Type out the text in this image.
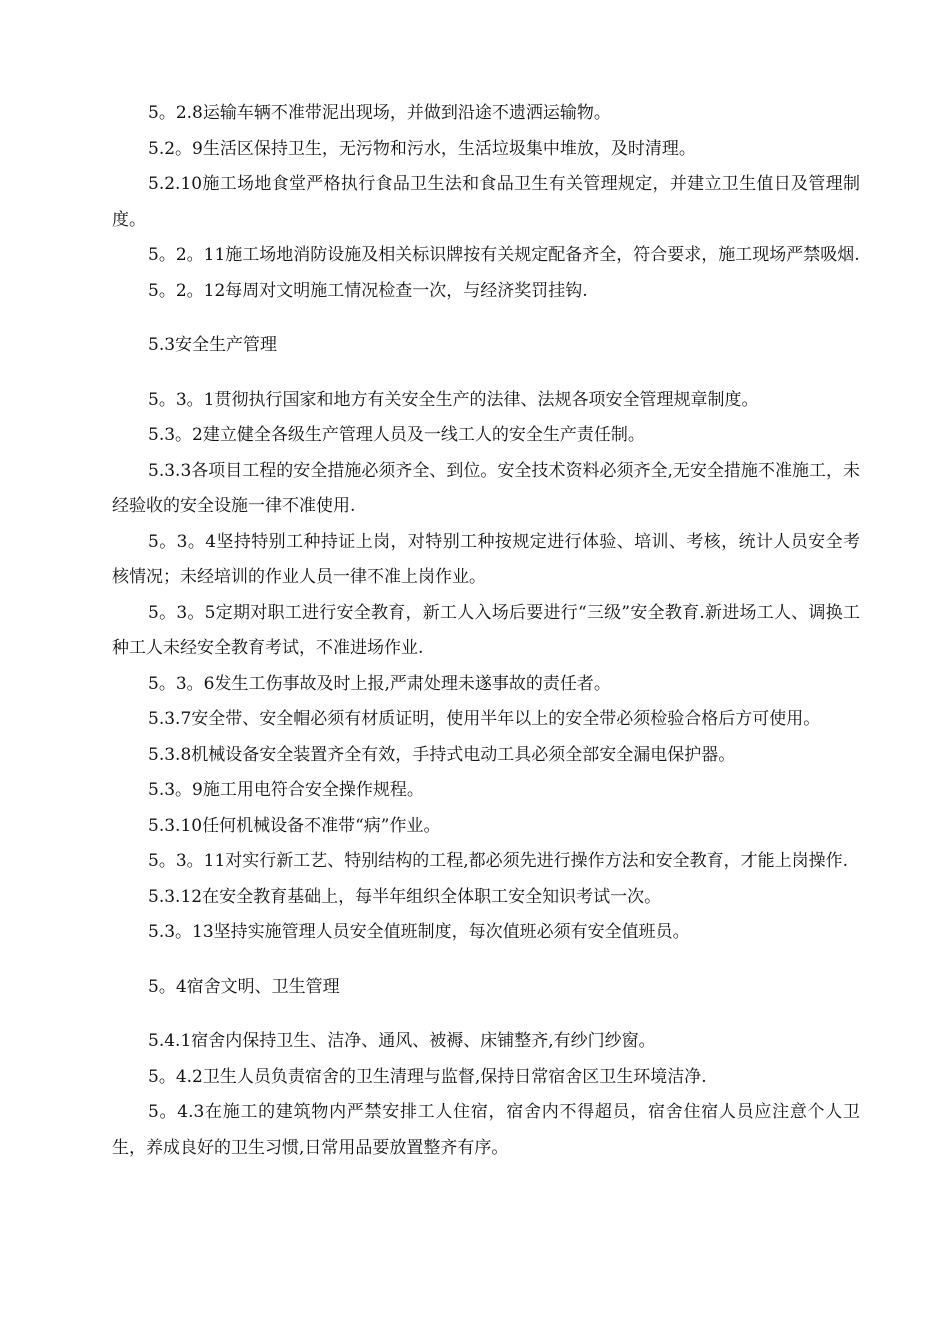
5。2.8运输车辆不准带泥出现场，并做到沿途不遗洒运输物。

5.2。9生活区保持卫生，无污物和污水，生活垃圾集中堆放，及时清理。

5.2.10施工场地食堂严格执行食品卫生法和食品卫生有关管理规定，并建立卫生值日及管理制度。

5。2。11施工场地消防设施及相关标识牌按有关规定配备齐全，符合要求，施工现场严禁吸烟.

5。2。12每周对文明施工情况检查一次，与经济奖罚挂钩.

5.3安全生产管理

5。3。1贯彻执行国家和地方有关安全生产的法律、法规各项安全管理规章制度。

5.3。2建立健全各级生产管理人员及一线工人的安全生产责任制。

5.3.3各项目工程的安全措施必须齐全、到位。安全技术资料必须齐全,无安全措施不准施工，未经验收的安全设施一律不准使用.

5。3。4坚持特别工种持证上岗，对特别工种按规定进行体验、培训、考核，统计人员安全考核情况；未经培训的作业人员一律不准上岗作业。

5。3。5定期对职工进行安全教育，新工人入场后要进行“三级”安全教育.新进场工人、调换工种工人未经安全教育考试，不准进场作业.

5。3。6发生工伤事故及时上报,严肃处理未遂事故的责任者。

5.3.7安全带、安全帽必须有材质证明，使用半年以上的安全带必须检验合格后方可使用。

5.3.8机械设备安全装置齐全有效，手持式电动工具必须全部安全漏电保护器。

5.3。9施工用电符合安全操作规程。

5.3.10任何机械设备不准带“病”作业。

5。3。11对实行新工艺、特别结构的工程,都必须先进行操作方法和安全教育，才能上岗操作.

5.3.12在安全教育基础上，每半年组织全体职工安全知识考试一次。

5.3。13坚持实施管理人员安全值班制度，每次值班必须有安全值班员。

5。4宿舍文明、卫生管理

5.4.1宿舍内保持卫生、洁净、通风、被褥、床铺整齐,有纱门纱窗。

5。4.2卫生人员负责宿舍的卫生清理与监督,保持日常宿舍区卫生环境洁净.

5。4.3在施工的建筑物内严禁安排工人住宿，宿舍内不得超员，宿舍住宿人员应注意个人卫生，养成良好的卫生习惯,日常用品要放置整齐有序。
